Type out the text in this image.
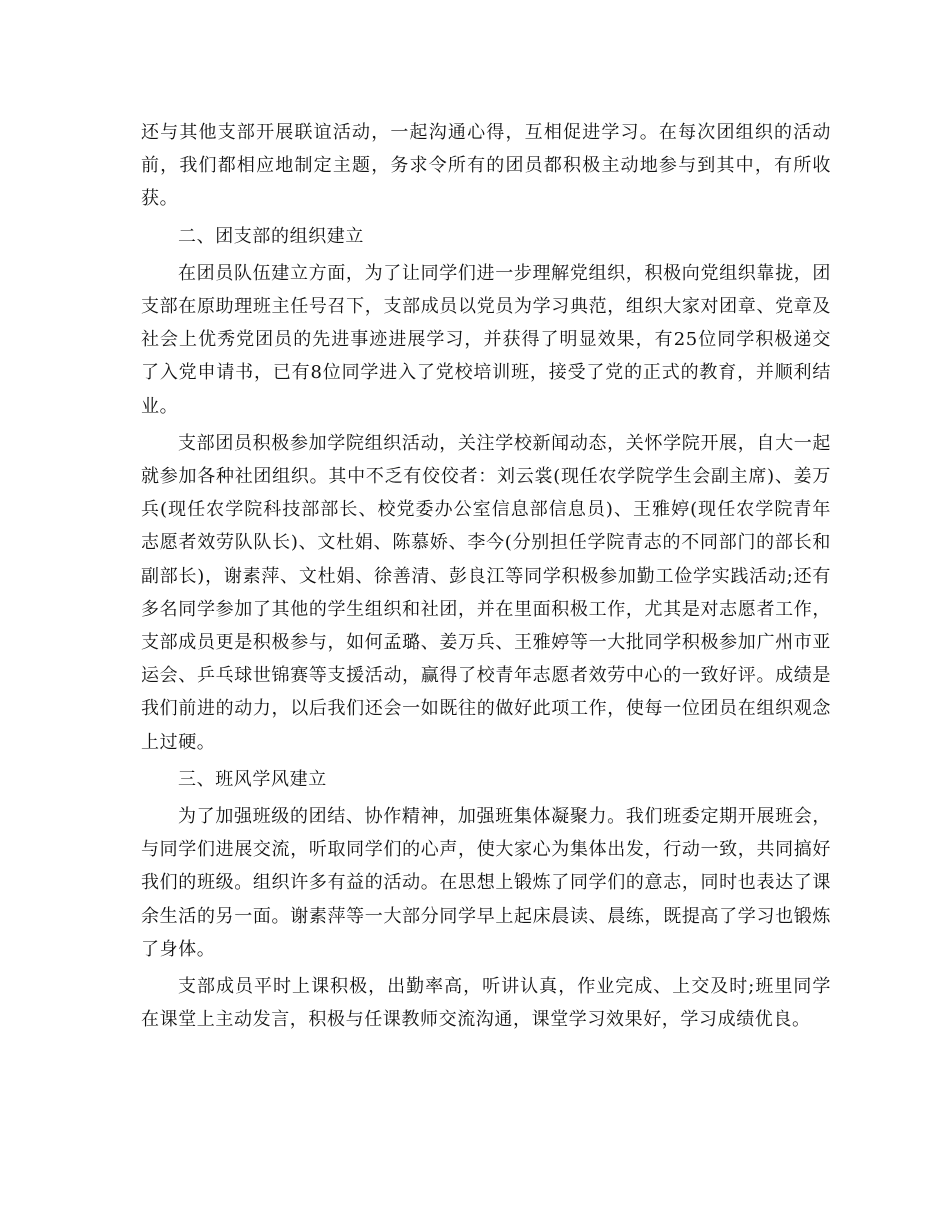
还与其他支部开展联谊活动，一起沟通心得，互相促进学习。在每次团组织的活动前，我们都相应地制定主题，务求令所有的团员都积极主动地参与到其中，有所收获。

二、团支部的组织建立

在团员队伍建立方面，为了让同学们进一步理解党组织，积极向党组织靠拢，团支部在原助理班主任号召下，支部成员以党员为学习典范，组织大家对团章、党章及社会上优秀党团员的先进事迹进展学习，并获得了明显效果，有25位同学积极递交了入党申请书，已有8位同学进入了党校培训班，接受了党的正式的教育，并顺利结业。

支部团员积极参加学院组织活动，关注学校新闻动态，关怀学院开展，自大一起就参加各种社团组织。其中不乏有佼佼者：刘云裳(现任农学院学生会副主席)、姜万兵(现任农学院科技部部长、校党委办公室信息部信息员)、王雅婷(现任农学院青年志愿者效劳队队长)、文杜娟、陈慕娇、李今(分别担任学院青志的不同部门的部长和副部长)，谢素萍、文杜娟、徐善清、彭良江等同学积极参加勤工俭学实践活动;还有多名同学参加了其他的学生组织和社团，并在里面积极工作，尤其是对志愿者工作，支部成员更是积极参与，如何孟璐、姜万兵、王雅婷等一大批同学积极参加广州市亚运会、乒乓球世锦赛等支援活动，赢得了校青年志愿者效劳中心的一致好评。成绩是我们前进的动力，以后我们还会一如既往的做好此项工作，使每一位团员在组织观念上过硬。

三、班风学风建立

为了加强班级的团结、协作精神，加强班集体凝聚力。我们班委定期开展班会，与同学们进展交流，听取同学们的心声，使大家心为集体出发，行动一致，共同搞好我们的班级。组织许多有益的活动。在思想上锻炼了同学们的意志，同时也表达了课余生活的另一面。谢素萍等一大部分同学早上起床晨读、晨练，既提高了学习也锻炼了身体。

支部成员平时上课积极，出勤率高，听讲认真，作业完成、上交及时;班里同学在课堂上主动发言，积极与任课教师交流沟通，课堂学习效果好，学习成绩优良。
